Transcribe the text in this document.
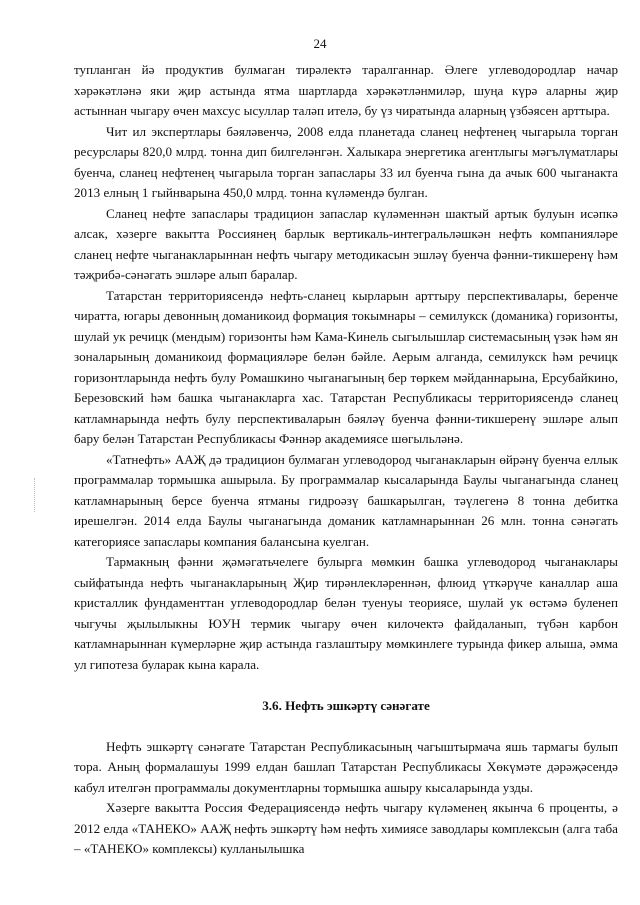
24

тупланган йә продуктив булмаган тирәлектә таралганнар. Әлеге углеводородлар начар хәрәкәтләнә яки җир астында ятма шартларда хәрәкәтләнмиләр, шуңа күрә аларны җир астыннан чыгару өчен махсус ысуллар таләп ителә, бу үз чиратында аларның үзбәясен арттыра.

Чит ил экспертлары бәяләвенчә, 2008 елда планетада сланец нефтенең чыгарыла торган ресурслары 820,0 млрд. тонна дип билгеләнгән. Халыкара энергетика агентлыгы мәгълүматлары буенча, сланец нефтенең чыгарыла торган запаслары 33 ил буенча гына да ачык 600 чыганакта 2013 елның 1 гыйнварына 450,0 млрд. тонна күләмендә булган.

Сланец нефте запаслары традицион запаслар күләменнән шактый артык булуын исәпкә алсак, хәзерге вакытта Россиянең барлык вертикаль-интегральләшкән нефть компанияләре сланец нефте чыганакларыннан нефть чыгару методикасын эшләү буенча фәнни-тикшеренү һәм тәҗрибә-сәнәгать эшләре алып баралар.

Татарстан территориясендә нефть-сланец кырларын арттыру перспективалары, беренче чиратта, югары девонның доманикоид формация токымнары – семилукск (доманика) горизонты, шулай ук речицк (мендым) горизонты һәм Кама-Кинель сыгылышлар системасының үзәк һәм ян зоналарының доманикоид формацияләре белән бәйле. Аерым алганда, семилукск һәм речицк горизонтларында нефть булу Ромашкино чыганагының бер төркем мәйданнарына, Ерсубайкино, Березовский һәм башка чыганакларга хас. Татарстан Республикасы территориясендә сланец катламнарында нефть булу перспективаларын бәяләү буенча фәнни-тикшеренү эшләре алып бару белән Татарстан Республикасы Фәннәр академиясе шөгыльләнә.

«Татнефть» ААҖ дә традицион булмаган углеводород чыганакларын өйрәнү буенча еллык программалар тормышка ашырыла. Бу программалар кысаларында Баулы чыганагында сланец катламнарының берсе буенча ятманы гидроәзү башкарылган, тәүлегенә 8 тонна дебитка ирешелгән. 2014 елда Баулы чыганагында доманик катламнарыннан 26 млн. тонна сәнәгать категориясе запаслары компания балансына куелган.

Тармакның фәнни җәмәгатьчелеге булырга мөмкин башка углеводород чыганаклары сыйфатында нефть чыганакларының Җир тирәнлекләреннән, флюид үткәрүче каналлар аша кристаллик фундаменттан углеводородлар белән туенуы теориясе, шулай ук өстәмә буленеп чыгучы җылылыкны ЮУН термик чыгару өчен килочектә файдаланып, түбән карбон катламнарыннан күмерләрне җир астында газлаштыру мөмкинлеге турында фикер алыша, әмма ул гипотеза буларак кына карала.

3.6. Нефть эшкәртү сәнәгате

Нефть эшкәртү сәнәгате Татарстан Республикасының чагыштырмача яшь тармагы булып тора. Аның формалашуы 1999 елдан башлап Татарстан Республикасы Хөкүмәте дәрәҗәсендә кабул ителгән программалы документларны тормышка ашыру кысаларында узды.

Хәзерге вакытта Россия Федерациясендә нефть чыгару күләменең якынча 6 проценты, ә 2012 елда «ТАНЕКО» ААҖ нефть эшкәртү һәм нефть химиясе заводлары комплексын (алга таба – «ТАНЕКО» комплексы) кулланылышка
